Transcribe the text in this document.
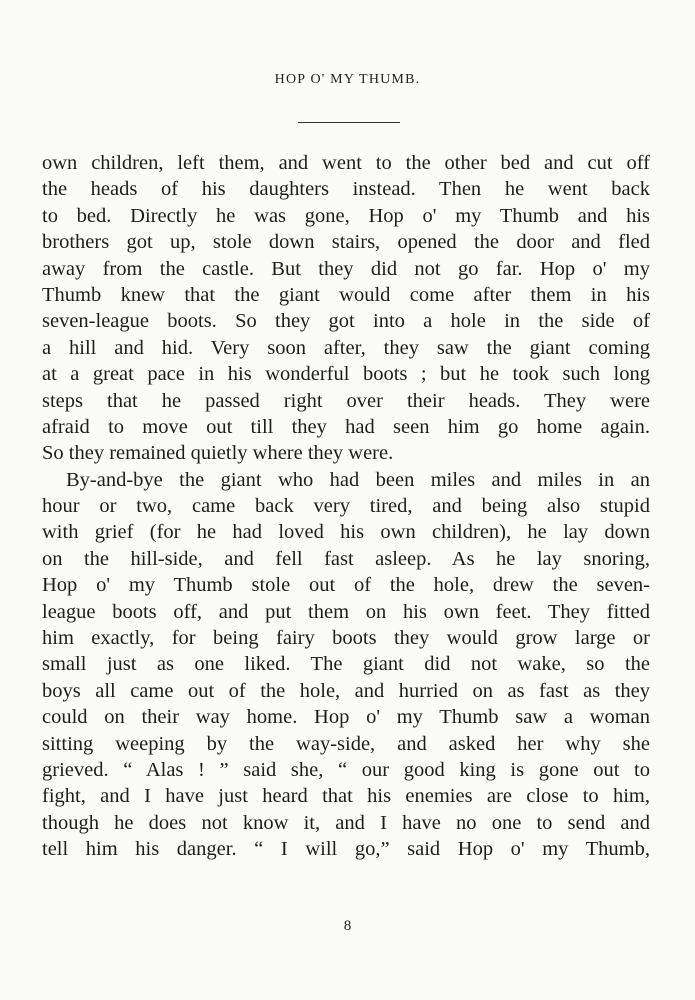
HOP O' MY THUMB.
own children, left them, and went to the other bed and cut off
the heads of his daughters instead. Then he went back
to bed. Directly he was gone, Hop o' my Thumb and his
brothers got up, stole down stairs, opened the door and fled
away from the castle. But they did not go far. Hop o' my
Thumb knew that the giant would come after them in his
seven-league boots. So they got into a hole in the side of
a hill and hid. Very soon after, they saw the giant coming
at a great pace in his wonderful boots ; but he took such long
steps that he passed right over their heads. They were
afraid to move out till they had seen him go home again.
So they remained quietly where they were.
By-and-bye the giant who had been miles and miles in an
hour or two, came back very tired, and being also stupid
with grief (for he had loved his own children), he lay down
on the hill-side, and fell fast asleep. As he lay snoring,
Hop o' my Thumb stole out of the hole, drew the seven-
league boots off, and put them on his own feet. They fitted
him exactly, for being fairy boots they would grow large or
small just as one liked. The giant did not wake, so the
boys all came out of the hole, and hurried on as fast as they
could on their way home. Hop o' my Thumb saw a woman
sitting weeping by the way-side, and asked her why she
grieved. “ Alas ! ” said she, “ our good king is gone out to
fight, and I have just heard that his enemies are close to him,
though he does not know it, and I have no one to send and
tell him his danger. “ I will go,” said Hop o' my Thumb,
8
